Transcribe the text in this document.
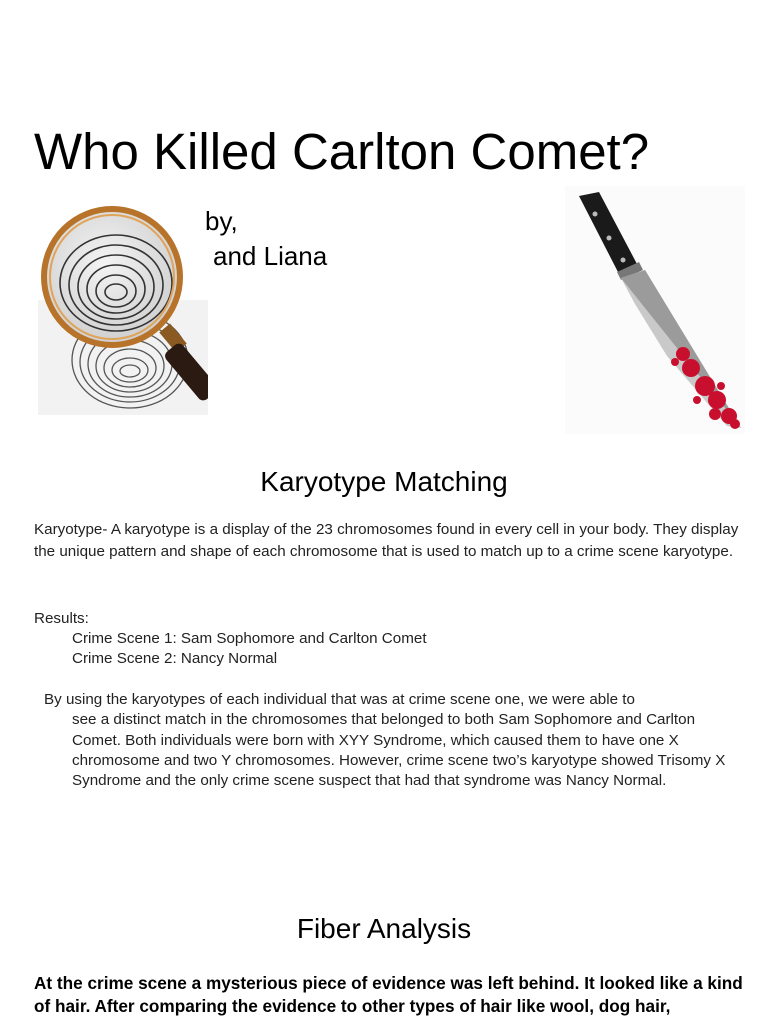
Who Killed Carlton Comet?
by,
and Liana
Karyotype Matching
Karyotype- A karyotype is a display of the 23 chromosomes found in every cell in your body. They display the unique pattern and shape of each chromosome that is used to match up to a crime scene karyotype.
Results:
Crime Scene 1: Sam Sophomore and Carlton Comet
Crime Scene 2: Nancy Normal
By using the karyotypes of each individual that was at crime scene one, we were able to
see a distinct match in the chromosomes that belonged to both Sam Sophomore and Carlton Comet. Both individuals were born with XYY Syndrome, which caused them to have one X chromosome and two Y chromosomes. However, crime scene two’s karyotype showed Trisomy X Syndrome and the only crime scene suspect that had that syndrome was Nancy Normal.
Fiber Analysis
At the crime scene a mysterious piece of evidence was left behind. It looked like a kind of hair. After comparing the evidence to other types of hair like wool, dog hair,
